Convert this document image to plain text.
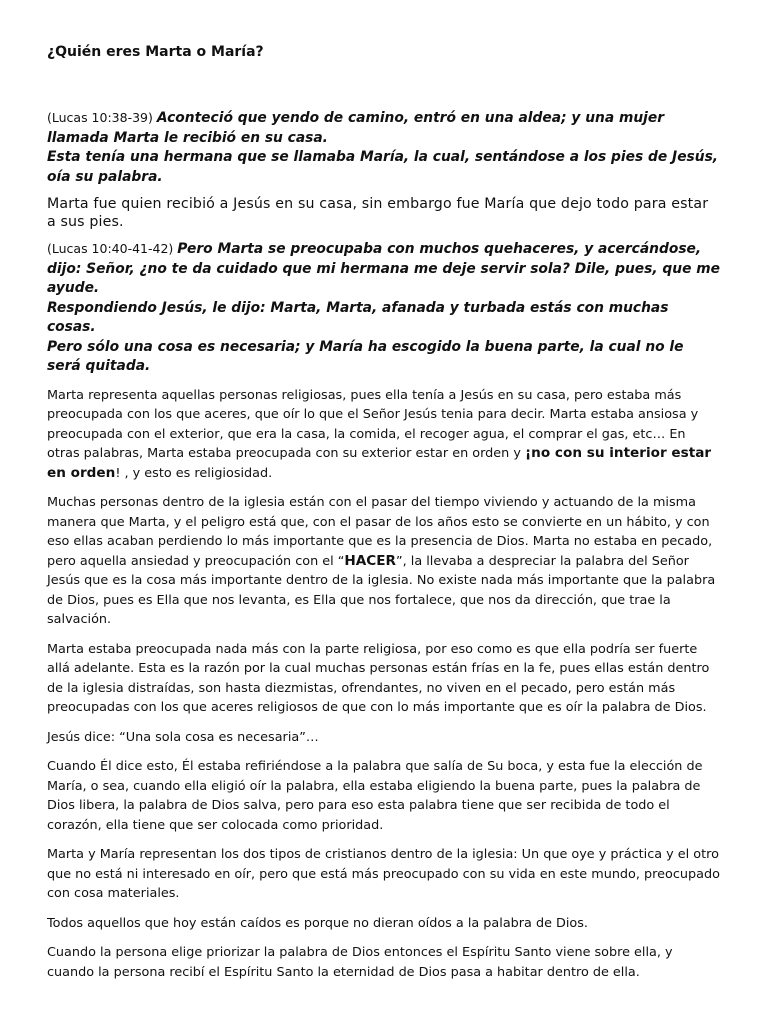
¿Quién eres Marta o María?

(Lucas 10:38-39) Aconteció que yendo de camino, entró en una aldea; y una mujer llamada Marta le recibió en su casa.
Esta tenía una hermana que se llamaba María, la cual, sentándose a los pies de Jesús, oía su palabra.

Marta fue quien recibió a Jesús en su casa, sin embargo fue María que dejo todo para estar a sus pies.

(Lucas 10:40-41-42) Pero Marta se preocupaba con muchos quehaceres, y acercándose, dijo: Señor, ¿no te da cuidado que mi hermana me deje servir sola? Dile, pues, que me ayude.
Respondiendo Jesús, le dijo: Marta, Marta, afanada y turbada estás con muchas cosas.
Pero sólo una cosa es necesaria; y María ha escogido la buena parte, la cual no le será quitada.

Marta representa aquellas personas religiosas, pues ella tenía a Jesús en su casa, pero estaba más preocupada con los que aceres, que oír lo que el Señor Jesús tenia para decir. Marta estaba ansiosa y preocupada con el exterior, que era la casa, la comida, el recoger agua, el comprar el gas, etc… En otras palabras, Marta estaba preocupada con su exterior estar en orden y ¡no con su interior estar en orden! , y esto es religiosidad.

Muchas personas dentro de la iglesia están con el pasar del tiempo viviendo y actuando de la misma manera que Marta, y el peligro está que, con el pasar de los años esto se convierte en un hábito, y con eso ellas acaban perdiendo lo más importante que es la presencia de Dios. Marta no estaba en pecado, pero aquella ansiedad y preocupación con el “HACER”, la llevaba a despreciar la palabra del Señor Jesús que es la cosa más importante dentro de la iglesia. No existe nada más importante que la palabra de Dios, pues es Ella que nos levanta, es Ella que nos fortalece, que nos da dirección, que trae la salvación.

Marta estaba preocupada nada más con la parte religiosa, por eso como es que ella podría ser fuerte allá adelante. Esta es la razón por la cual muchas personas están frías en la fe, pues ellas están dentro de la iglesia distraídas, son hasta diezmistas, ofrendantes, no viven en el pecado, pero están más preocupadas con los que aceres religiosos de que con lo más importante que es oír la palabra de Dios.

Jesús dice: “Una sola cosa es necesaria”…

Cuando Él dice esto, Él estaba refiriéndose a la palabra que salía de Su boca, y esta fue la elección de María, o sea, cuando ella eligió oír la palabra, ella estaba eligiendo la buena parte, pues la palabra de Dios libera, la palabra de Dios salva, pero para eso esta palabra tiene que ser recibida de todo el corazón, ella tiene que ser colocada como prioridad.

Marta y María representan los dos tipos de cristianos dentro de la iglesia: Un que oye y práctica y el otro que no está ni interesado en oír, pero que está más preocupado con su vida en este mundo, preocupado con cosa materiales.

Todos aquellos que hoy están caídos es porque no dieran oídos a la palabra de Dios.

Cuando la persona elige priorizar la palabra de Dios entonces el Espíritu Santo viene sobre ella, y cuando la persona recibí el Espíritu Santo la eternidad de Dios pasa a habitar dentro de ella.
